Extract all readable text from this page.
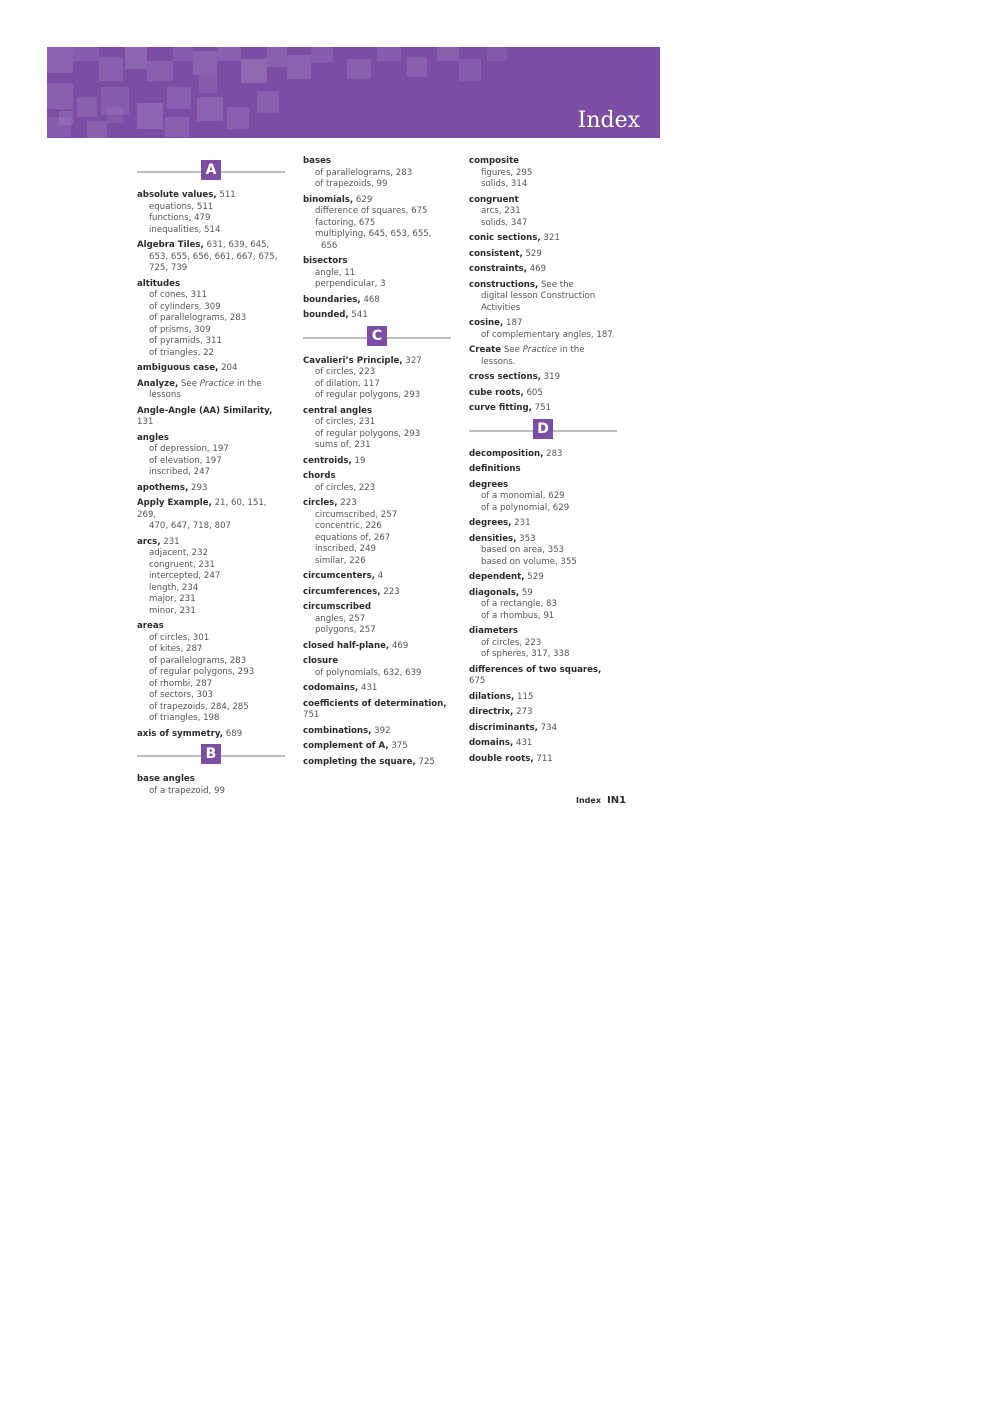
Index
A
absolute values, 511
equations, 511
functions, 479
inequalities, 514
Algebra Tiles, 631, 639, 645,
653, 655, 656, 661, 667, 675,
725, 739
altitudes
of cones, 311
of cylinders, 309
of parallelograms, 283
of prisms, 309
of pyramids, 311
of triangles, 22
ambiguous case, 204
Analyze, See Practice in the
lessons
Angle-Angle (AA) Similarity, 131
angles
of depression, 197
of elevation, 197
inscribed, 247
apothems, 293
Apply Example, 21, 60, 151, 269,
470, 647, 718, 807
arcs, 231
adjacent, 232
congruent, 231
intercepted, 247
length, 234
major, 231
minor, 231
areas
of circles, 301
of kites, 287
of parallelograms, 283
of regular polygons, 293
of rhombi, 287
of sectors, 303
of trapezoids, 284, 285
of triangles, 198
axis of symmetry, 689
B
base angles
of a trapezoid, 99
bases
of parallelograms, 283
of trapezoids, 99
binomials, 629
difference of squares, 675
factoring, 675
multiplying, 645, 653, 655,
656
bisectors
angle, 11
perpendicular, 3
boundaries, 468
bounded, 541
C
Cavalieri’s Principle, 327
of circles, 223
of dilation, 117
of regular polygons, 293
central angles
of circles, 231
of regular polygons, 293
sums of, 231
centroids, 19
chords
of circles, 223
circles, 223
circumscribed, 257
concentric, 226
equations of, 267
inscribed, 249
similar, 226
circumcenters, 4
circumferences, 223
circumscribed
angles, 257
polygons, 257
closed half-plane, 469
closure
of polynomials, 632, 639
codomains, 431
coefficients of determination, 751
combinations, 392
complement of A, 375
completing the square, 725
composite
figures, 295
solids, 314
congruent
arcs, 231
solids, 347
conic sections, 321
consistent, 529
constraints, 469
constructions, See the
digital lesson Construction
Activities
cosine, 187
of complementary angles, 187
Create See Practice in the
lessons.
cross sections, 319
cube roots, 605
curve fitting, 751
D
decomposition, 283
definitions
degrees
of a monomial, 629
of a polynomial, 629
degrees, 231
densities, 353
based on area, 353
based on volume, 355
dependent, 529
diagonals, 59
of a rectangle, 83
of a rhombus, 91
diameters
of circles, 223
of spheres, 317, 338
differences of two squares, 675
dilations, 115
directrix, 273
discriminants, 734
domains, 431
double roots, 711
Index IN1
